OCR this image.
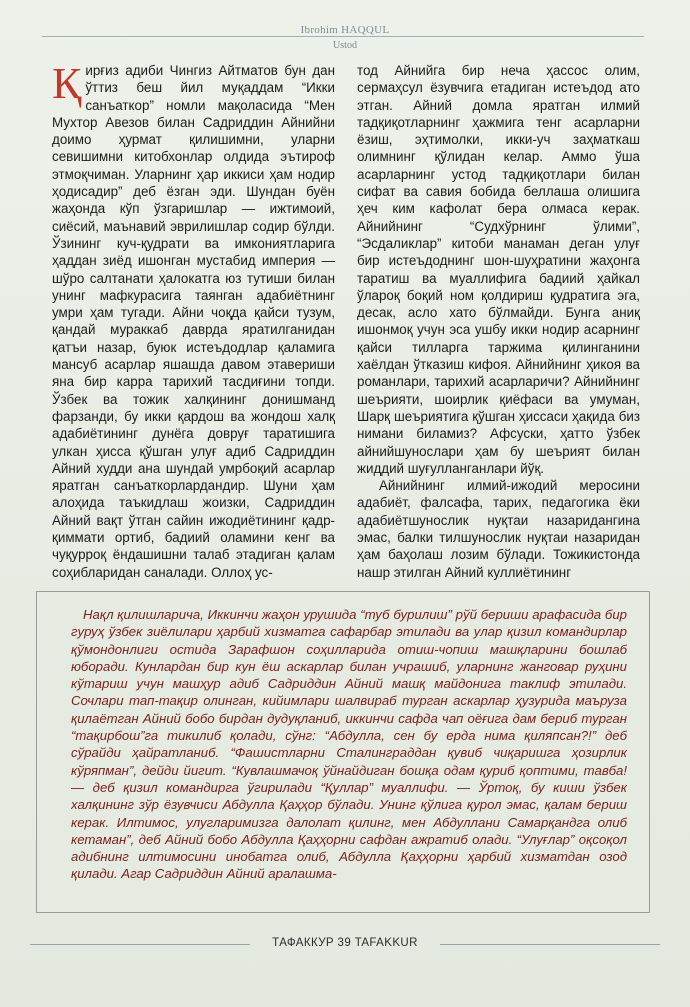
Ibrohim HAQQUL
Ustod

Қирғиз адиби Чингиз Айтматов бун дан ўттиз беш йил муқаддам “Икки санъаткор” номли мақоласида “Мен Мухтор Авезов билан Садриддин Айнийни доимо ҳурмат қилишимни, уларни севишимни китобхонлар олдида эътироф этмоқчиман. Уларнинг ҳар иккиси ҳам нодир ҳодисадир” деб ёзган эди. Шундан буён жаҳонда кўп ўзгаришлар — ижтимоий, сиёсий, маънавий эврилишлар содир бўлди. Ўзининг куч-қудрати ва имкониятларига ҳаддан зиёд ишонган мустабид империя — шўро салтанати ҳалокатга юз тутиши билан унинг мафкурасига таянган адабиётнинг умри ҳам тугади. Айни чоқда қайси тузум, қандай мураккаб даврда яратилганидан қатъи назар, буюк истеъдодлар қаламига мансуб асарлар яшашда давом этавериши яна бир карра тарихий тасдиғини топди. Ўзбек ва тожик халқининг донишманд фарзанди, бу икки қардош ва жондош халқ адабиётининг дунёга довруғ таратишига улкан ҳисса қўшган улуғ адиб Садриддин Айний худди ана шундай умрбоқий асарлар яратган санъаткорлардандир. Шуни ҳам алоҳида таъкидлаш жоизки, Садриддин Айний вақт ўтган сайин ижодиётининг қадр-қиммати ортиб, бадиий оламини кенг ва чуқурроқ ёндашишни талаб этадиган қалам соҳибларидан саналади. Оллоҳ ус-

тод Айнийга бир неча ҳассос олим, сермаҳсул ёзувчига етадиган истеъдод ато этган. Айний домла яратган илмий тадқиқотларнинг ҳажмига тенг асарларни ёзиш, эҳтимолки, икки-уч заҳматкаш олимнинг қўлидан келар. Аммо ўша асарларнинг устод тадқиқотлари билан сифат ва савия бобида беллаша олишига ҳеч ким кафолат бера олмаса керак. Айнийнинг “Судхўрнинг ўлими”, “Эсдаликлар” китоби манаман деган улуғ бир истеъдоднинг шон-шуҳратини жаҳонга таратиш ва муаллифига бадиий ҳайкал ўлароқ боқий ном қолдириш қудратига эга, десак, асло хато бўлмайди. Бунга аниқ ишонмоқ учун эса ушбу икки нодир асарнинг қайси тилларга таржима қилинганини хаёлдан ўтказиш кифоя. Айнийнинг ҳикоя ва романлари, тарихий асарларичи? Айнийнинг шеърияти, шоирлик қиёфаси ва умуман, Шарқ шеъриятига қўшган ҳиссаси ҳақида биз нимани биламиз? Афсуски, ҳатто ўзбек айнийшунослари ҳам бу шеърият билан жиддий шуғулланганлари йўқ.

Айнийнинг илмий-ижодий меросини адабиёт, фалсафа, тарих, педагогика ёки адабиётшунослик нуқтаи назаридангина эмас, балки тилшунослик нуқтаи назаридан ҳам баҳолаш лозим бўлади. Тожикистонда нашр этилган Айний куллиётининг

Нақл қилишларича, Иккинчи жаҳон урушида “туб бурилиш” рўй бериши арафасида бир гуруҳ ўзбек зиёлилари ҳарбий хизматга сафарбар этилади ва улар қизил командирлар қўмондонлиги остида Зарафшон соҳилларида отиш-чопиш машқларини бошлаб юборади. Кунлардан бир кун ёш аскарлар билан учрашиб, уларнинг жанговар руҳини кўтариш учун машҳур адиб Садриддин Айний машқ майдонига таклиф этилади. Сочлари тап-тақир олинган, кийимлари шалвираб турган аскарлар ҳузурида маъруза қилаётган Айний бобо бирдан дудуқланиб, иккинчи сафда чап оёғига дам бериб турган “тақирбош”га тикилиб қолади, сўнг: “Абдулла, сен бу ерда нима қиляпсан?!” деб сўрайди ҳайратланиб. “Фашистларни Сталинграддан қувиб чиқаришга ҳозирлик кўряпман”, дейди йигит. “Кувлашмачоқ ўйнайдиган бошқа одам қуриб қоптими, тавба! — деб қизил командирга ўгирилади “Қуллар” муаллифи. — Ўртоқ, бу киши ўзбек халқининг зўр ёзувчиси Абдулла Қаҳҳор бўлади. Унинг қўлига қурол эмас, қалам бериш керак. Илтимос, улугларимизга далолат қилинг, мен Абдуллани Самарқандга олиб кетаман”, деб Айний бобо Абдулла Қаҳҳорни сафдан ажратиб олади. “Улуғлар” оқсоқол адибнинг илтимосини инобатга олиб, Абдулла Қаҳҳорни ҳарбий хизматдан озод қилади. Агар Садриддин Айний аралашма-

ТАФАККУР 39 TAFAKKUR
